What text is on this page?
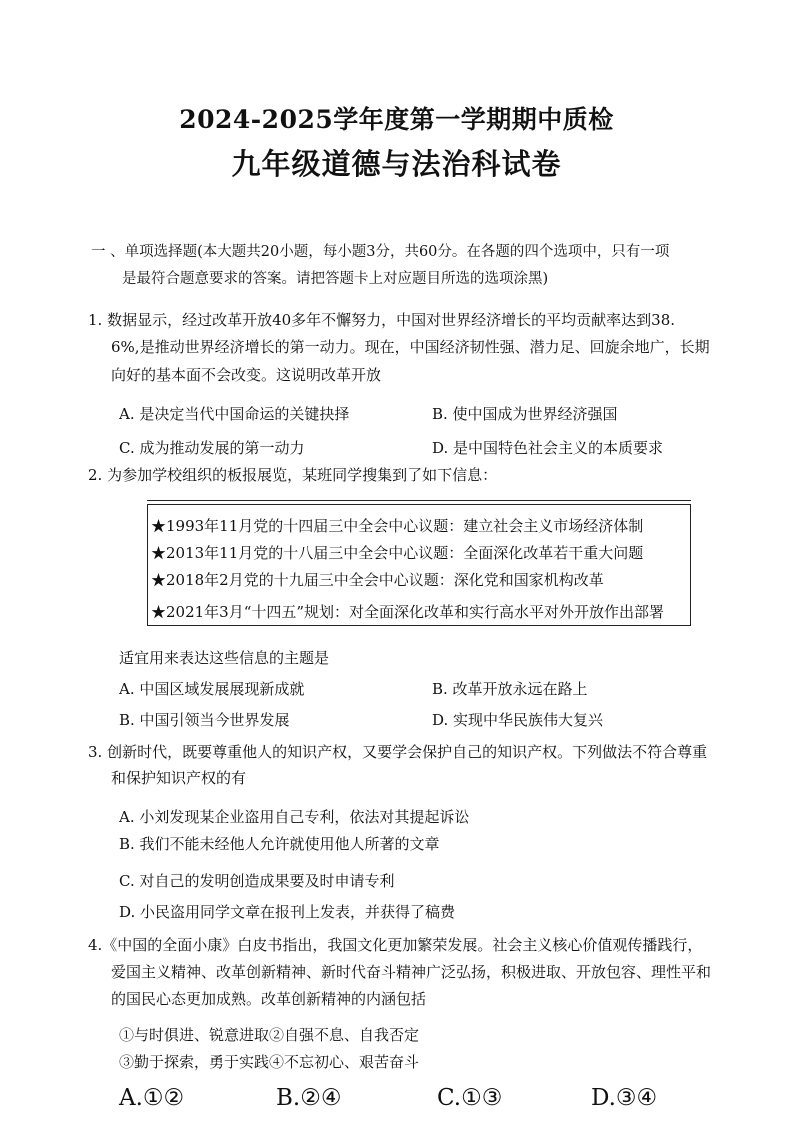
2024-2025学年度第一学期期中质检
九年级道德与法治科试卷
一 、单项选择题(本大题共20小题，每小题3分，共60分。在各题的四个选项中，只有一项
是最符合题意要求的答案。请把答题卡上对应题目所选的选项涂黑)
1. 数据显示，经过改革开放40多年不懈努力，中国对世界经济增长的平均贡献率达到38.
6%,是推动世界经济增长的第一动力。现在，中国经济韧性强、潜力足、回旋余地广，长期
向好的基本面不会改变。这说明改革开放
A. 是决定当代中国命运的关键抉择	B. 使中国成为世界经济强国
C. 成为推动发展的第一动力	D. 是中国特色社会主义的本质要求
2. 为参加学校组织的板报展览，某班同学搜集到了如下信息：
★1993年11月党的十四届三中全会中心议题：建立社会主义市场经济体制
★2013年11月党的十八届三中全会中心议题：全面深化改革若干重大问题
★2018年2月党的十九届三中全会中心议题：深化党和国家机构改革
★2021年3月“十四五”规划：对全面深化改革和实行高水平对外开放作出部署
适宜用来表达这些信息的主题是
A. 中国区域发展展现新成就	B. 改革开放永远在路上
B. 中国引领当今世界发展	D. 实现中华民族伟大复兴
3. 创新时代，既要尊重他人的知识产权，又要学会保护自己的知识产权。下列做法不符合尊重
和保护知识产权的有
A. 小刘发现某企业盗用自己专利，依法对其提起诉讼
B. 我们不能未经他人允许就使用他人所著的文章
C. 对自己的发明创造成果要及时申请专利
D. 小民盗用同学文章在报刊上发表，并获得了稿费
4.《中国的全面小康》白皮书指出，我国文化更加繁荣发展。社会主义核心价值观传播践行，
爱国主义精神、改革创新精神、新时代奋斗精神广泛弘扬，积极进取、开放包容、理性平和
的国民心态更加成熟。改革创新精神的内涵包括
①与时俱进、锐意进取②自强不息、自我否定
③勤于探索，勇于实践④不忘初心、艰苦奋斗
A.①②	B.②④	C.①③	D.③④
